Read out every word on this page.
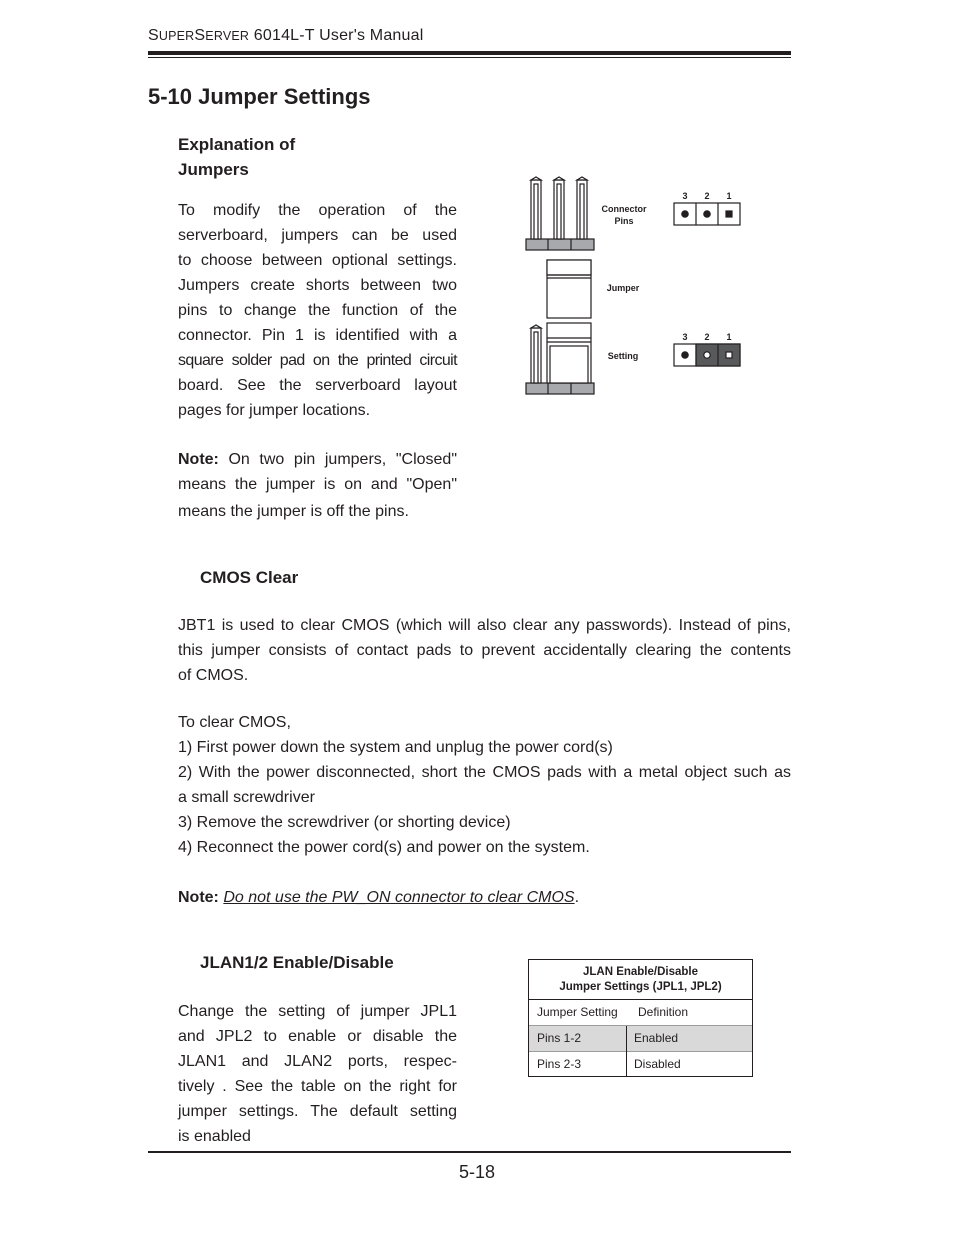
SUPERSERVER 6014L-T User's Manual
5-10 Jumper Settings
Explanation of
Jumpers
To modify the operation of the
serverboard, jumpers can be used
to choose between optional settings.
Jumpers create shorts between two
pins to change the function of the
connector. Pin 1 is identified with a
square solder pad on the printed circuit
board. See the serverboard layout
pages for jumper locations.
Note: On two pin jumpers, "Closed"
means the jumper is on and "Open"
means the jumper is off the pins.
Connector
Pins
Jumper
Setting
3 2 1
3 2 1
CMOS Clear
JBT1 is used to clear CMOS (which will also clear any passwords). Instead of pins,
this jumper consists of contact pads to prevent accidentally clearing the contents
of CMOS.
To clear CMOS,
1) First power down the system and unplug the power cord(s)
2) With the power disconnected, short the CMOS pads with a metal object such as
a small screwdriver
3) Remove the screwdriver (or shorting device)
4) Reconnect the power cord(s) and power on the system.
Note: Do not use the PW_ON connector to clear CMOS.
JLAN1/2 Enable/Disable
Change the setting of jumper JPL1
and JPL2 to enable or disable the
JLAN1 and JLAN2 ports, respec-
tively . See the table on the right for
jumper settings. The default setting
is enabled
JLAN Enable/Disable
Jumper Settings (JPL1, JPL2)
Jumper Setting Definition
Pins 1-2	Enabled
Pins 2-3	Disabled
5-18
